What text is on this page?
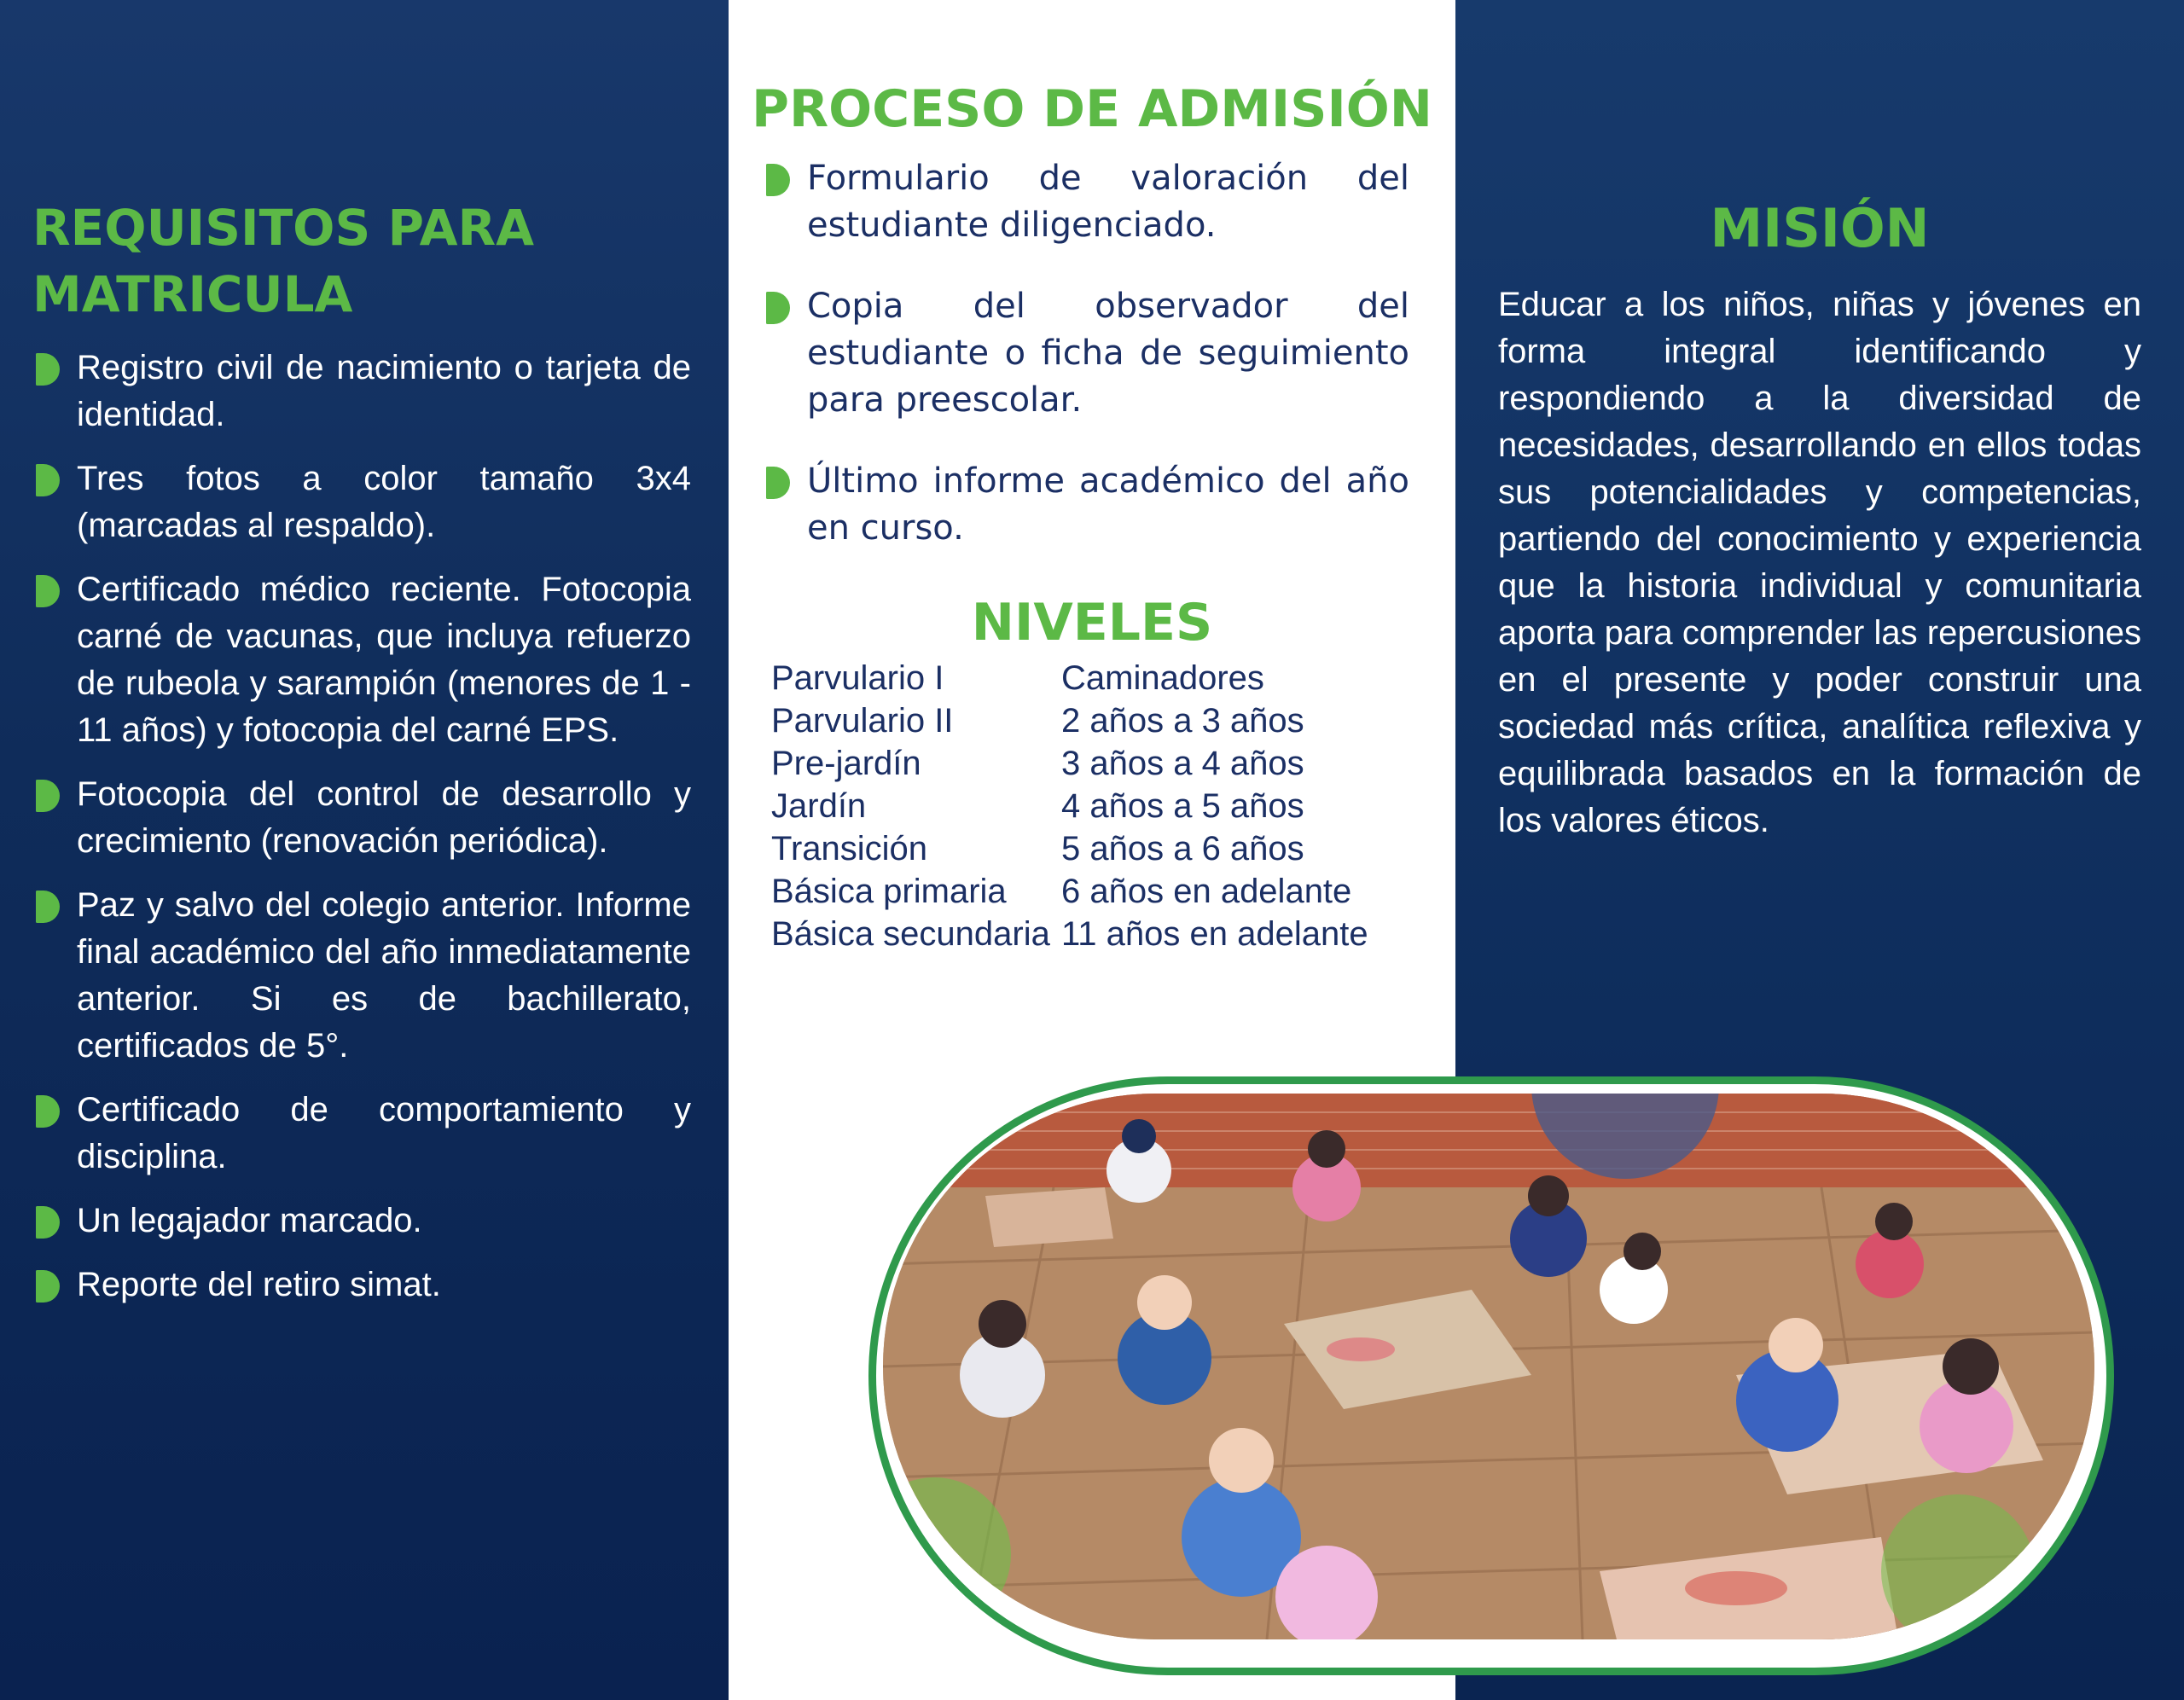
REQUISITOS PARA
MATRICULA
Registro civil de nacimiento o tarjeta de identidad.
Tres fotos a color tamaño 3x4 (marcadas al respaldo).
Certificado médico reciente. Fotocopia carné de vacunas, que incluya refuerzo de rubeola y sarampión (menores de 1 - 11 años) y fotocopia del carné EPS.
Fotocopia del control de desarrollo y crecimiento (renovación periódica).
Paz y salvo del colegio anterior. Informe final académico del año inmediatamente anterior. Si es de bachillerato, certificados de 5°.
Certificado de comportamiento y disciplina.
Un legajador marcado.
Reporte del retiro simat.
PROCESO DE ADMISIÓN
Formulario de valoración del estudiante diligenciado.
Copia del observador del estudiante o ficha de seguimiento para preescolar.
Último informe académico del año en curso.
NIVELES
Parvulario I	Caminadores
Parvulario II	2 años a 3 años
Pre-jardín	3 años a 4 años
Jardín	4 años a 5 años
Transición	5 años a 6 años
Básica primaria	6 años en adelante
Básica secundaria 11 años en adelante
MISIÓN

Educar a los niños, niñas y jóvenes en forma integral identificando y respondiendo a la diversidad de necesidades, desarrollando en ellos todas sus potencialidades y competencias, partiendo del conocimiento y experiencia que la historia individual y comunitaria aporta para comprender las repercusiones en el presente y poder construir una sociedad más crítica, analítica reflexiva y equilibrada basados en la formación de los valores éticos.
